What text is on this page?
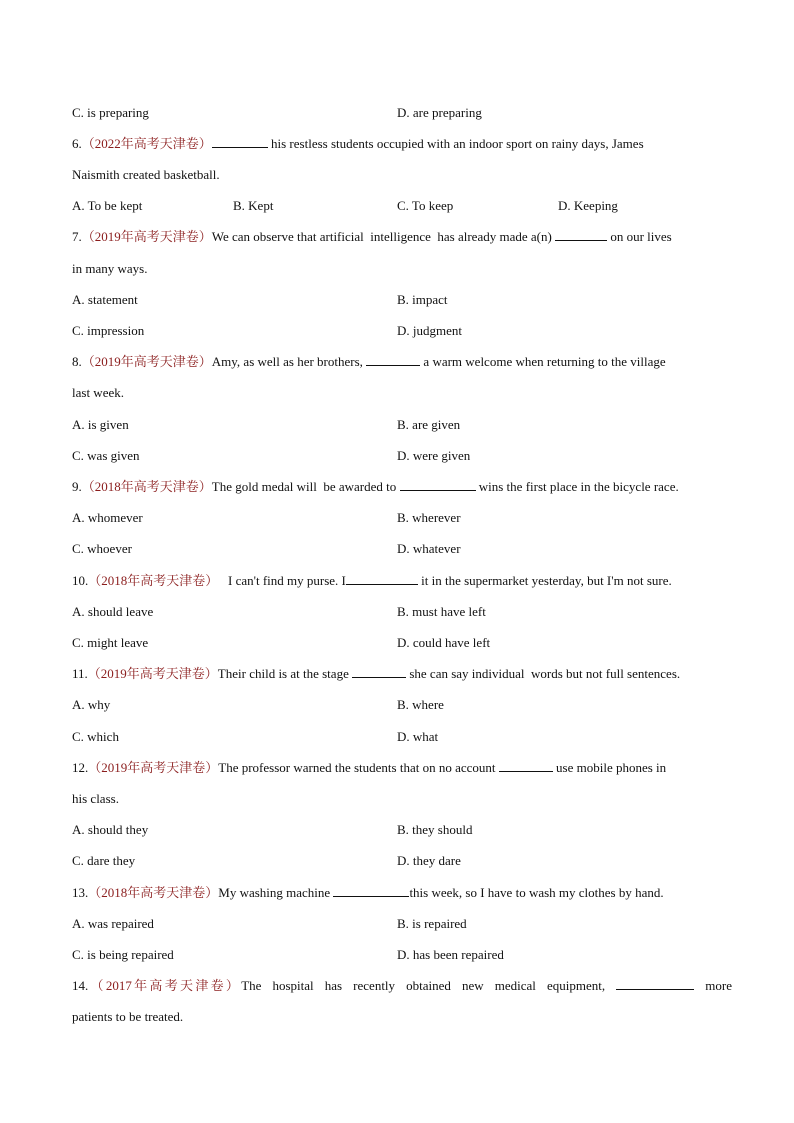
C. is preparing	D. are preparing
6.（2022年高考天津卷）	his restless students occupied with an indoor sport on rainy days, James
Naismith created basketball.
A. To be kept	B. Kept	C. To keep	D. Keeping
7.（2019年高考天津卷）We can observe that artificial  intelligence  has already made a(n)	on our lives
in many ways.
A. statement	B. impact
C. impression	D. judgment
8.（2019年高考天津卷）Amy, as well as her brothers,	a warm welcome when returning to the village
last week.
A. is given	B. are given
C. was given	D. were given
9.（2018年高考天津卷）The gold medal will  be awarded to	wins the first place in the bicycle race.
A. whomever	B. wherever
C. whoever	D. whatever
10.（2018年高考天津卷）   I can't find my purse. I	it in the supermarket yesterday, but I'm not sure.
A. should leave	B. must have left
C. might leave	D. could have left
11.（2019年高考天津卷）Their child is at the stage	she can say individual  words but not full sentences.
A. why	B. where
C. which	D. what
12.（2019年高考天津卷）The professor warned the students that on no account	use mobile phones in
his class.
A. should they	B. they should
C. dare they	D. they dare
13.（2018年高考天津卷）My washing machine	this week, so I have to wash my clothes by hand.
A. was repaired	B. is repaired
C. is being repaired	D. has been repaired
14.（2017年高考天津卷）The  hospital  has  recently  obtained  new  medical  equipment,	more
patients to be treated.
